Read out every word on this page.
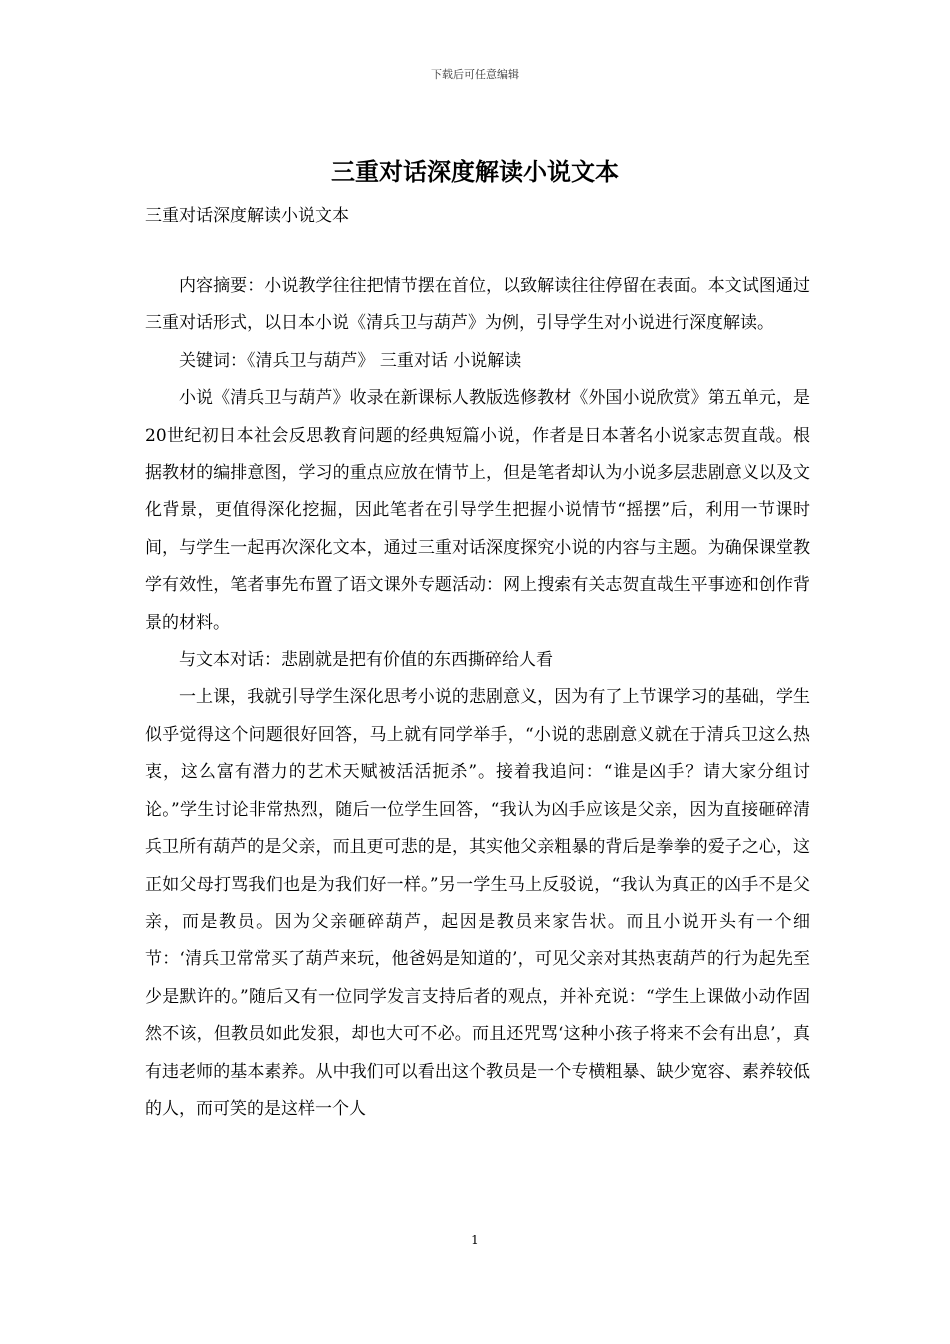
下载后可任意编辑
三重对话深度解读小说文本
三重对话深度解读小说文本

内容摘要：小说教学往往把情节摆在首位，以致解读往往停留在表面。本文试图通过三重对话形式，以日本小说《清兵卫与葫芦》为例，引导学生对小说进行深度解读。

关键词：《清兵卫与葫芦》 三重对话 小说解读

小说《清兵卫与葫芦》收录在新课标人教版选修教材《外国小说欣赏》第五单元，是20世纪初日本社会反思教育问题的经典短篇小说，作者是日本著名小说家志贺直哉。根据教材的编排意图，学习的重点应放在情节上，但是笔者却认为小说多层悲剧意义以及文化背景，更值得深化挖掘，因此笔者在引导学生把握小说情节“摇摆”后，利用一节课时间，与学生一起再次深化文本，通过三重对话深度探究小说的内容与主题。为确保课堂教学有效性，笔者事先布置了语文课外专题活动：网上搜索有关志贺直哉生平事迹和创作背景的材料。

与文本对话：悲剧就是把有价值的东西撕碎给人看

一上课，我就引导学生深化思考小说的悲剧意义，因为有了上节课学习的基础，学生似乎觉得这个问题很好回答，马上就有同学举手，“小说的悲剧意义就在于清兵卫这么热衷，这么富有潜力的艺术天赋被活活扼杀”。接着我追问：“谁是凶手？请大家分组讨论。”学生讨论非常热烈，随后一位学生回答，“我认为凶手应该是父亲，因为直接砸碎清兵卫所有葫芦的是父亲，而且更可悲的是，其实他父亲粗暴的背后是拳拳的爱子之心，这正如父母打骂我们也是为我们好一样。”另一学生马上反驳说，“我认为真正的凶手不是父亲，而是教员。因为父亲砸碎葫芦，起因是教员来家告状。而且小说开头有一个细节：‘清兵卫常常买了葫芦来玩，他爸妈是知道的’，可见父亲对其热衷葫芦的行为起先至少是默许的。”随后又有一位同学发言支持后者的观点，并补充说：“学生上课做小动作固然不该，但教员如此发狠，却也大可不必。而且还咒骂‘这种小孩子将来不会有出息’，真有违老师的基本素养。从中我们可以看出这个教员是一个专横粗暴、缺少宽容、素养较低的人，而可笑的是这样一个人

1
